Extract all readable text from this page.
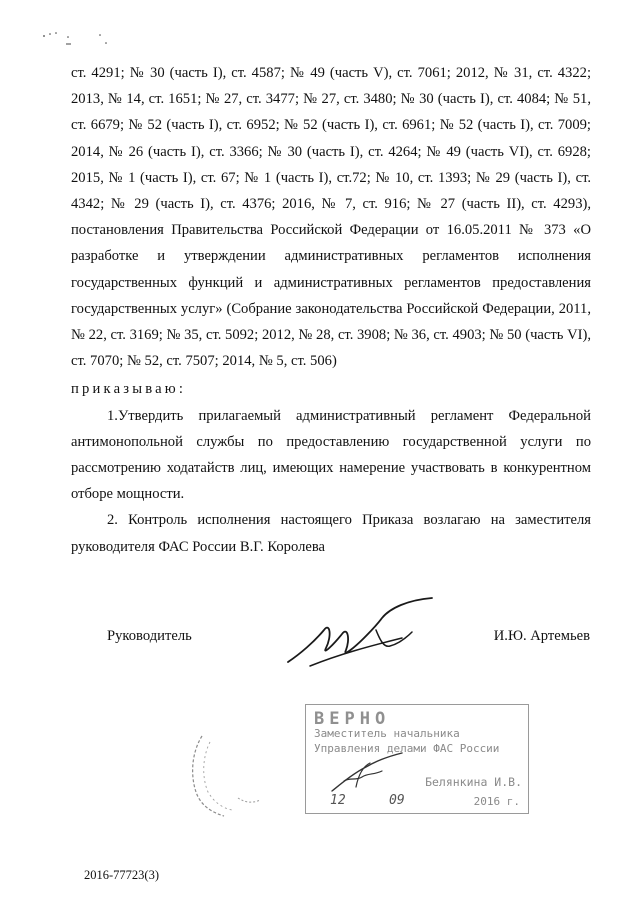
ст. 4291; № 30 (часть I), ст. 4587; № 49 (часть V), ст. 7061; 2012, № 31, ст. 4322; 2013, № 14, ст. 1651; № 27, ст. 3477; № 27, ст. 3480; № 30 (часть I), ст. 4084; № 51, ст. 6679; № 52 (часть I), ст. 6952; № 52 (часть I), ст. 6961; № 52 (часть I), ст. 7009; 2014, № 26 (часть I), ст. 3366; № 30 (часть I), ст. 4264; № 49 (часть VI), ст. 6928; 2015, № 1 (часть I), ст. 67; № 1 (часть I), ст.72; № 10, ст. 1393; № 29 (часть I), ст. 4342; № 29 (часть I), ст. 4376; 2016, № 7, ст. 916; № 27 (часть II), ст. 4293), постановления Правительства Российской Федерации от 16.05.2011 № 373 «О разработке и утверждении административных регламентов исполнения государственных функций и административных регламентов предоставления государственных услуг» (Собрание законодательства Российской Федерации, 2011, № 22, ст. 3169; № 35, ст. 5092; 2012, № 28, ст. 3908; № 36, ст. 4903; № 50 (часть VI), ст. 7070; № 52, ст. 7507; 2014, № 5, ст. 506)

приказываю:

1.Утвердить прилагаемый административный регламент Федеральной антимонопольной службы по предоставлению государственной услуги по рассмотрению ходатайств лиц, имеющих намерение участвовать в конкурентном отборе мощности.

2. Контроль исполнения настоящего Приказа возлагаю на заместителя руководителя ФАС России В.Г. Королева

Руководитель	И.Ю. Артемьев
ВЕРНО
Заместитель начальника
Управления делами ФАС России
Белянкина И.В.
12	09	2016 г.
2016-77723(3)
